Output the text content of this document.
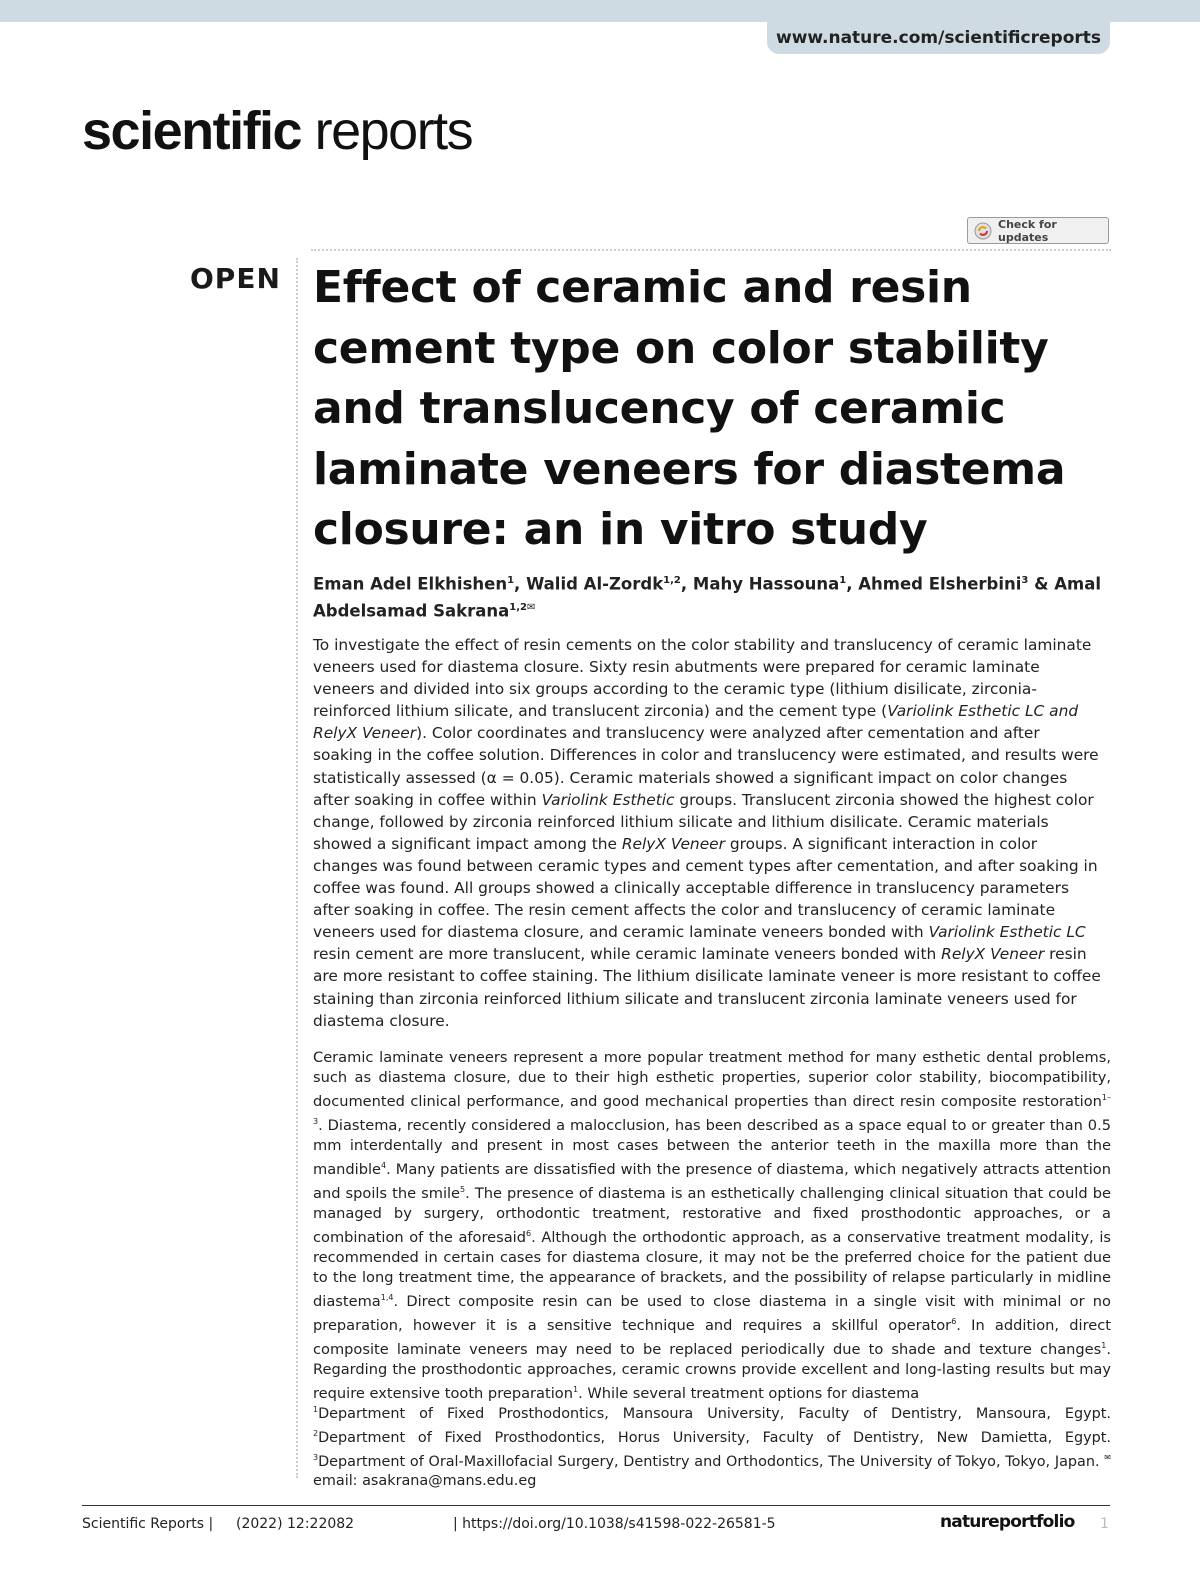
www.nature.com/scientificreports
scientific reports
Check for updates
OPEN Effect of ceramic and resin cement type on color stability and translucency of ceramic laminate veneers for diastema closure: an in vitro study
Eman Adel Elkhishen$^1$, Walid Al-Zordk$^{1,2}$, Mahy Hassouna$^1$, Ahmed Elsherbini$^3$ & Amal Abdelsamad Sakrana$^{1,2✉}$
To investigate the effect of resin cements on the color stability and translucency of ceramic laminate veneers used for diastema closure. Sixty resin abutments were prepared for ceramic laminate veneers and divided into six groups according to the ceramic type (lithium disilicate, zirconia-reinforced lithium silicate, and translucent zirconia) and the cement type (Variolink Esthetic LC and RelyX Veneer). Color coordinates and translucency were analyzed after cementation and after soaking in the coffee solution. Differences in color and translucency were estimated, and results were statistically assessed (α = 0.05). Ceramic materials showed a significant impact on color changes after soaking in coffee within Variolink Esthetic groups. Translucent zirconia showed the highest color change, followed by zirconia reinforced lithium silicate and lithium disilicate. Ceramic materials showed a significant impact among the RelyX Veneer groups. A significant interaction in color changes was found between ceramic types and cement types after cementation, and after soaking in coffee was found. All groups showed a clinically acceptable difference in translucency parameters after soaking in coffee. The resin cement affects the color and translucency of ceramic laminate veneers used for diastema closure, and ceramic laminate veneers bonded with Variolink Esthetic LC resin cement are more translucent, while ceramic laminate veneers bonded with RelyX Veneer resin are more resistant to coffee staining. The lithium disilicate laminate veneer is more resistant to coffee staining than zirconia reinforced lithium silicate and translucent zirconia laminate veneers used for diastema closure.
Ceramic laminate veneers represent a more popular treatment method for many esthetic dental problems, such as diastema closure, due to their high esthetic properties, superior color stability, biocompatibility, documented clinical performance, and good mechanical properties than direct resin composite restoration$^{1-3}$. Diastema, recently considered a malocclusion, has been described as a space equal to or greater than 0.5 mm interdentally and present in most cases between the anterior teeth in the maxilla more than the mandible$^4$. Many patients are dissatisfied with the presence of diastema, which negatively attracts attention and spoils the smile$^5$. The presence of diastema is an esthetically challenging clinical situation that could be managed by surgery, orthodontic treatment, restorative and fixed prosthodontic approaches, or a combination of the aforesaid$^6$. Although the orthodontic approach, as a conservative treatment modality, is recommended in certain cases for diastema closure, it may not be the preferred choice for the patient due to the long treatment time, the appearance of brackets, and the possibility of relapse particularly in midline diastema$^{1,4}$. Direct composite resin can be used to close diastema in a single visit with minimal or no preparation, however it is a sensitive technique and requires a skillful operator$^6$. In addition, direct composite laminate veneers may need to be replaced periodically due to shade and texture changes$^1$. Regarding the prosthodontic approaches, ceramic crowns provide excellent and long-lasting results but may require extensive tooth preparation$^1$. While several treatment options for diastema
$^1$Department of Fixed Prosthodontics, Mansoura University, Faculty of Dentistry, Mansoura, Egypt. $^2$Department of Fixed Prosthodontics, Horus University, Faculty of Dentistry, New Damietta, Egypt. $^3$Department of Oral-Maxillofacial Surgery, Dentistry and Orthodontics, The University of Tokyo, Tokyo, Japan. ✉email: asakrana@mans.edu.eg
Scientific Reports | (2022) 12:22082	| https://doi.org/10.1038/s41598-022-26581-5	natureportfolio 1
